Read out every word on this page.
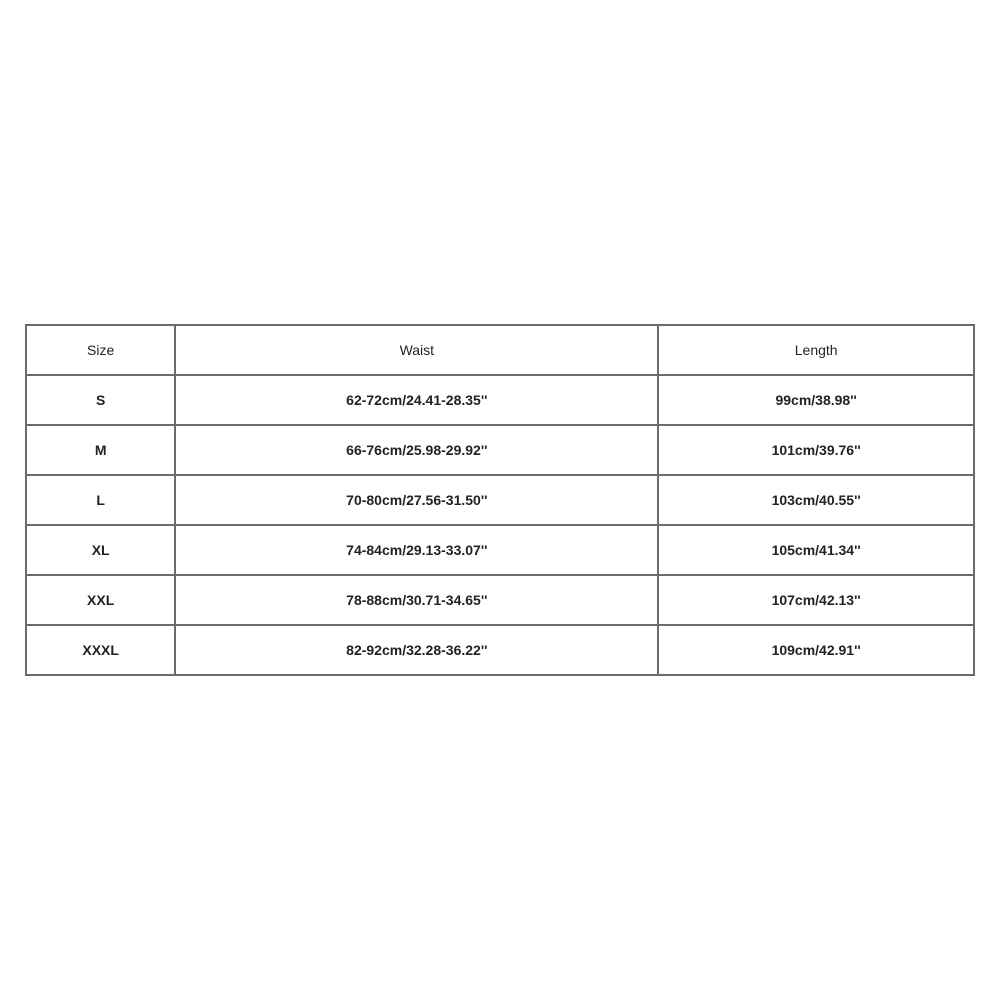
Size	Waist	Length
S	62-72cm/24.41-28.35''	99cm/38.98''
M	66-76cm/25.98-29.92''	101cm/39.76''
L	70-80cm/27.56-31.50''	103cm/40.55''
XL	74-84cm/29.13-33.07''	105cm/41.34''
XXL	78-88cm/30.71-34.65''	107cm/42.13''
XXXL	82-92cm/32.28-36.22''	109cm/42.91''
